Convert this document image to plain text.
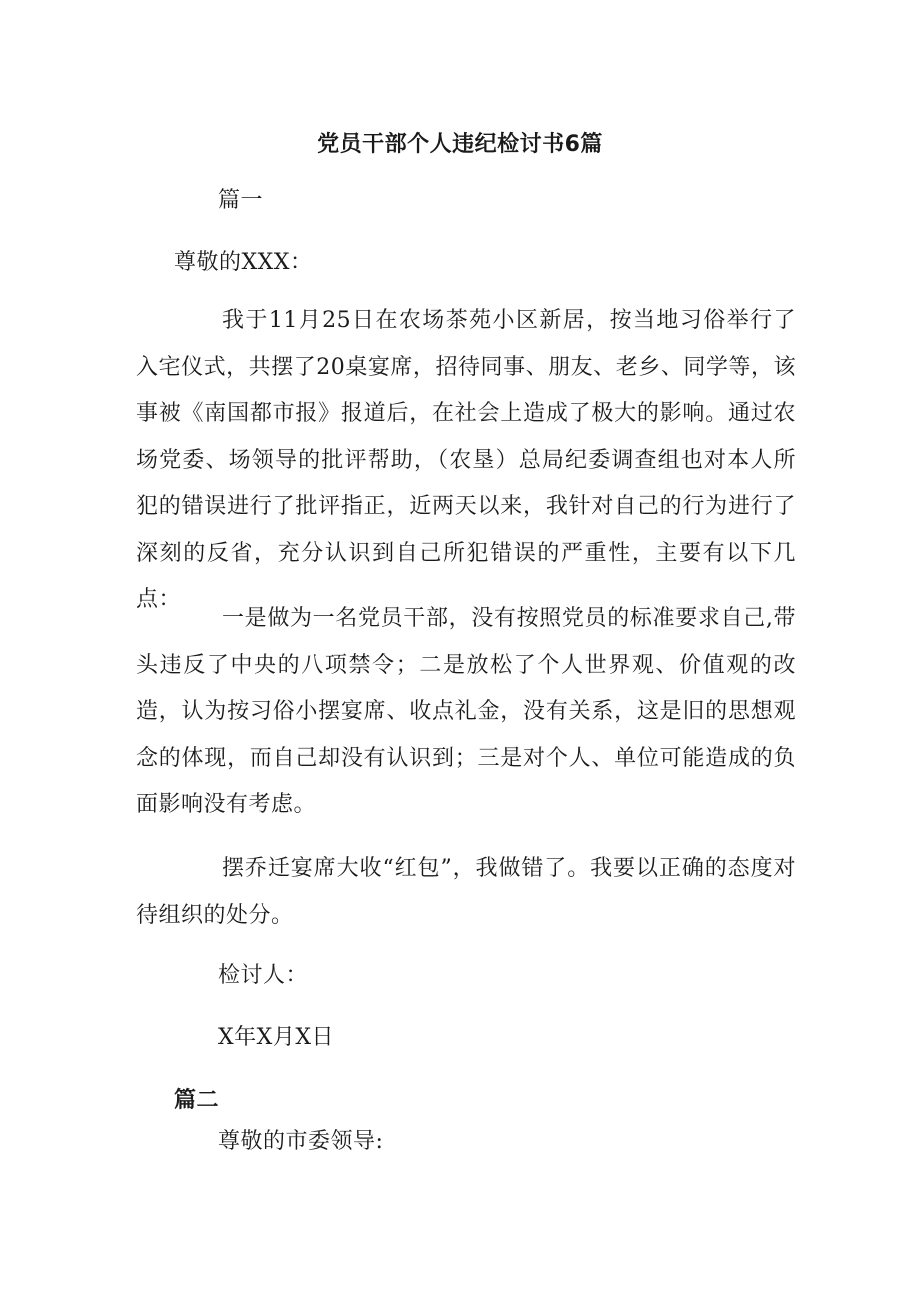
党员干部个人违纪检讨书6篇
篇一
尊敬的XXX：
我于11月25日在农场茶苑小区新居，按当地习俗举行了入宅仪式，共摆了20桌宴席，招待同事、朋友、老乡、同学等，该事被《南国都市报》报道后，在社会上造成了极大的影响。通过农场党委、场领导的批评帮助，（农垦）总局纪委调查组也对本人所犯的错误进行了批评指正，近两天以来，我针对自己的行为进行了深刻的反省，充分认识到自己所犯错误的严重性，主要有以下几点：
一是做为一名党员干部，没有按照党员的标准要求自己,带头违反了中央的八项禁令；二是放松了个人世界观、价值观的改造，认为按习俗小摆宴席、收点礼金，没有关系，这是旧的思想观念的体现，而自己却没有认识到；三是对个人、单位可能造成的负面影响没有考虑。
摆乔迁宴席大收“红包”，我做错了。我要以正确的态度对待组织的处分。
检讨人：
X年X月X日
篇二
尊敬的市委领导:
